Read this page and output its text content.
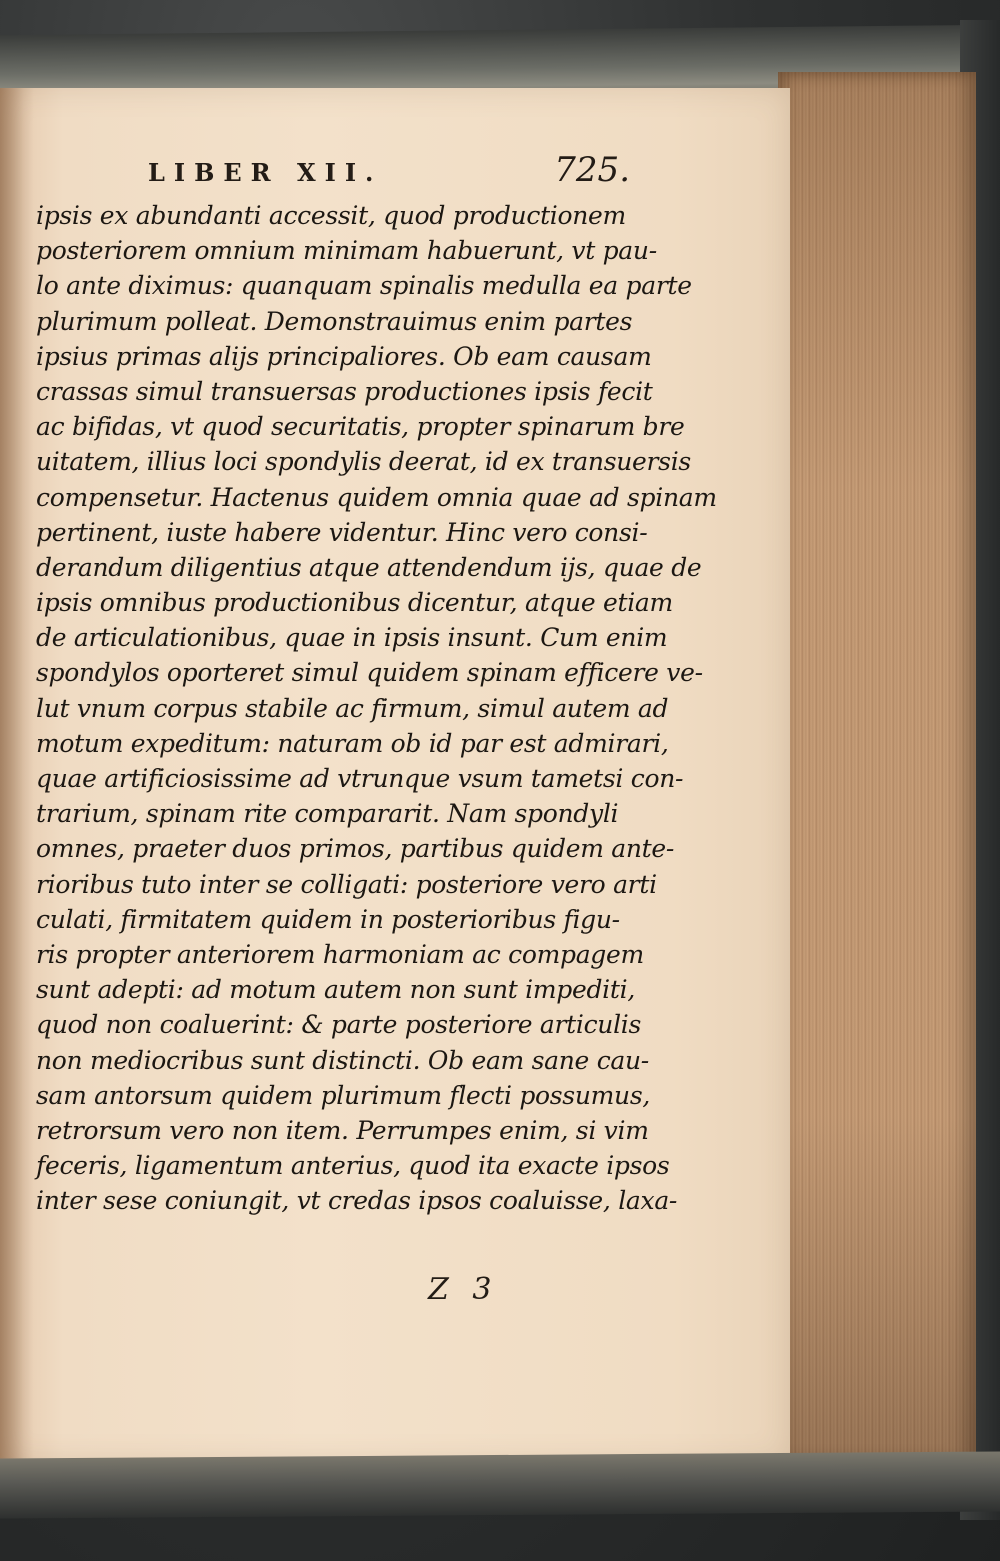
LIBER XII.	725.
ipsis ex abundanti accessit, quod productionem
posteriorem omnium minimam habuerunt, vt pau-
lo ante diximus: quanquam spinalis medulla ea parte
plurimum polleat. Demonstrauimus enim partes
ipsius primas alijs principaliores. Ob eam causam
crassas simul transuersas productiones ipsis fecit
ac bifidas, vt quod securitatis, propter spinarum bre
uitatem, illius loci spondylis deerat, id ex transuersis
compensetur. Hactenus quidem omnia quae ad spinam
pertinent, iuste habere videntur. Hinc vero consi-
derandum diligentius atque attendendum ijs, quae de
ipsis omnibus productionibus dicentur, atque etiam
de articulationibus, quae in ipsis insunt. Cum enim
spondylos oporteret simul quidem spinam efficere ve-
lut vnum corpus stabile ac firmum, simul autem ad
motum expeditum: naturam ob id par est admirari,
quae artificiosissime ad vtrunque vsum tametsi con-
trarium, spinam rite compararit. Nam spondyli
omnes, praeter duos primos, partibus quidem ante-
rioribus tuto inter se colligati: posteriore vero arti
culati, firmitatem quidem in posterioribus figu-
ris propter anteriorem harmoniam ac compagem
sunt adepti: ad motum autem non sunt impediti,
quod non coaluerint: & parte posteriore articulis
non mediocribus sunt distincti. Ob eam sane cau-
sam antorsum quidem plurimum flecti possumus,
retrorsum vero non item. Perrumpes enim, si vim
feceris, ligamentum anterius, quod ita exacte ipsos
inter sese coniungit, vt credas ipsos coaluisse, laxa-
Z 3
